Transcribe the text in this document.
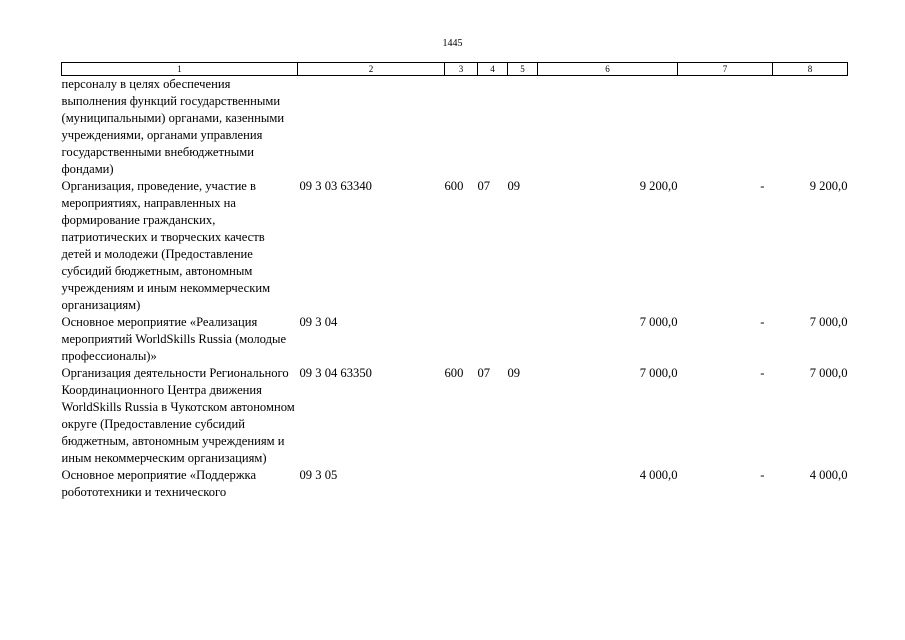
1445
1	2	3	4	5	6	7	8
персоналу в целях обеспечения выполнения функций государственными (муниципальными) органами, казенными учреждениями, органами управления государственными внебюджетными фондами)							
Организация, проведение, участие в мероприятиях, направленных на формирование гражданских, патриотических и творческих качеств детей и молодежи (Предоставление субсидий бюджетным, автономным учреждениям и иным некоммерческим организациям)	09 3 03 63340	600	07	09	9 200,0	-	9 200,0
Основное мероприятие «Реализация мероприятий WorldSkills Russia (молодые профессионалы)»	09 3 04				7 000,0	-	7 000,0
Организация деятельности Регионального Координационного Центра движения WorldSkills Russia в Чукотском автономном округе (Предоставление субсидий бюджетным, автономным учреждениям и иным некоммерческим организациям)	09 3 04 63350	600	07	09	7 000,0	-	7 000,0
Основное мероприятие «Поддержка робототехники и технического	09 3 05				4 000,0	-	4 000,0
